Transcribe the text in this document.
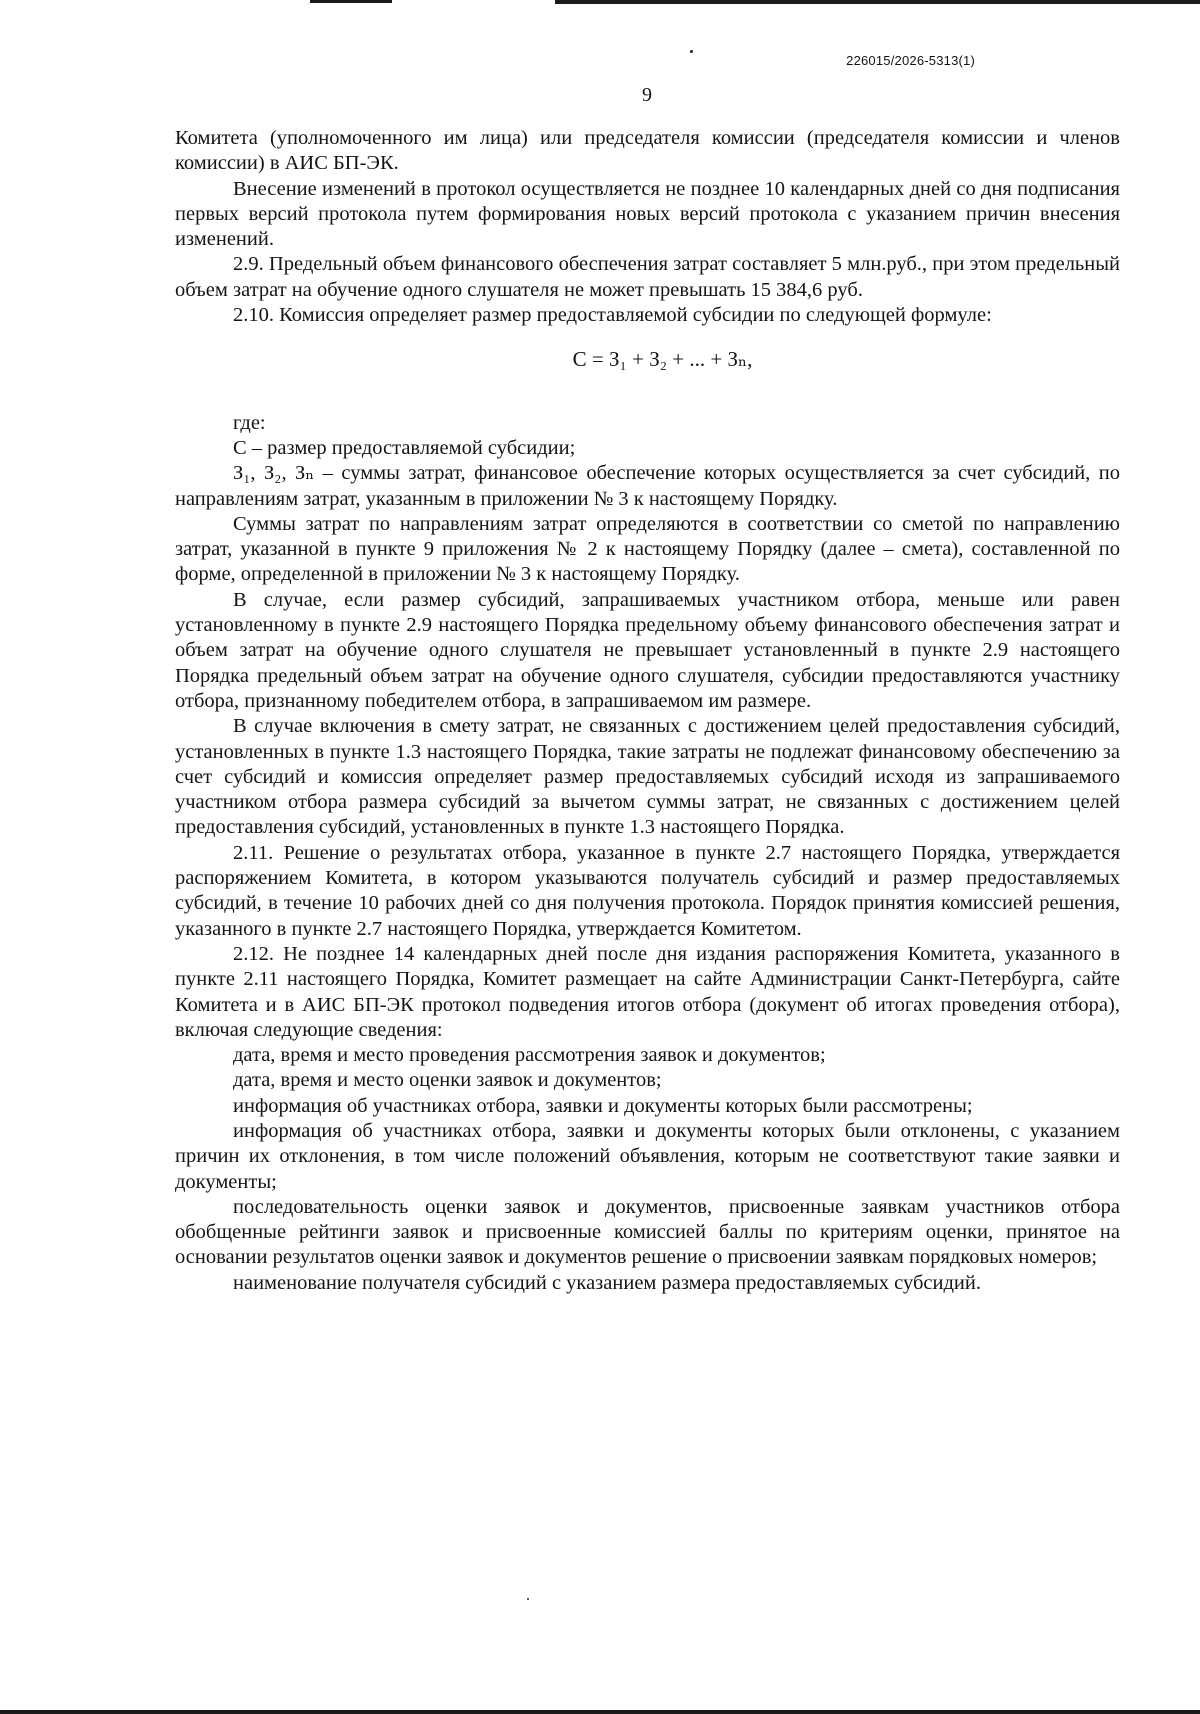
226015/2026-5313(1)
9

Комитета (уполномоченного им лица) или председателя комиссии (председателя комиссии и членов комиссии) в АИС БП-ЭК.

Внесение изменений в протокол осуществляется не позднее 10 календарных дней со дня подписания первых версий протокола путем формирования новых версий протокола с указанием причин внесения изменений.

2.9. Предельный объем финансового обеспечения затрат составляет 5 млн.руб., при этом предельный объем затрат на обучение одного слушателя не может превышать 15 384,6 руб.

2.10. Комиссия определяет размер предоставляемой субсидии по следующей формуле:

С = З₁ + З₂ + ... + Зₙ,

где:

С – размер предоставляемой субсидии;

З₁, З₂, Зₙ – суммы затрат, финансовое обеспечение которых осуществляется за счет субсидий, по направлениям затрат, указанным в приложении № 3 к настоящему Порядку.

Суммы затрат по направлениям затрат определяются в соответствии со сметой по направлению затрат, указанной в пункте 9 приложения № 2 к настоящему Порядку (далее – смета), составленной по форме, определенной в приложении № 3 к настоящему Порядку.

В случае, если размер субсидий, запрашиваемых участником отбора, меньше или равен установленному в пункте 2.9 настоящего Порядка предельному объему финансового обеспечения затрат и объем затрат на обучение одного слушателя не превышает установленный в пункте 2.9 настоящего Порядка предельный объем затрат на обучение одного слушателя, субсидии предоставляются участнику отбора, признанному победителем отбора, в запрашиваемом им размере.

В случае включения в смету затрат, не связанных с достижением целей предоставления субсидий, установленных в пункте 1.3 настоящего Порядка, такие затраты не подлежат финансовому обеспечению за счет субсидий и комиссия определяет размер предоставляемых субсидий исходя из запрашиваемого участником отбора размера субсидий за вычетом суммы затрат, не связанных с достижением целей предоставления субсидий, установленных в пункте 1.3 настоящего Порядка.

2.11. Решение о результатах отбора, указанное в пункте 2.7 настоящего Порядка, утверждается распоряжением Комитета, в котором указываются получатель субсидий и размер предоставляемых субсидий, в течение 10 рабочих дней со дня получения протокола. Порядок принятия комиссией решения, указанного в пункте 2.7 настоящего Порядка, утверждается Комитетом.

2.12. Не позднее 14 календарных дней после дня издания распоряжения Комитета, указанного в пункте 2.11 настоящего Порядка, Комитет размещает на сайте Администрации Санкт-Петербурга, сайте Комитета и в АИС БП-ЭК протокол подведения итогов отбора (документ об итогах проведения отбора), включая следующие сведения:

дата, время и место проведения рассмотрения заявок и документов;

дата, время и место оценки заявок и документов;

информация об участниках отбора, заявки и документы которых были рассмотрены;

информация об участниках отбора, заявки и документы которых были отклонены, с указанием причин их отклонения, в том числе положений объявления, которым не соответствуют такие заявки и документы;

последовательность оценки заявок и документов, присвоенные заявкам участников отбора обобщенные рейтинги заявок и присвоенные комиссией баллы по критериям оценки, принятое на основании результатов оценки заявок и документов решение о присвоении заявкам порядковых номеров;

наименование получателя субсидий с указанием размера предоставляемых субсидий.
